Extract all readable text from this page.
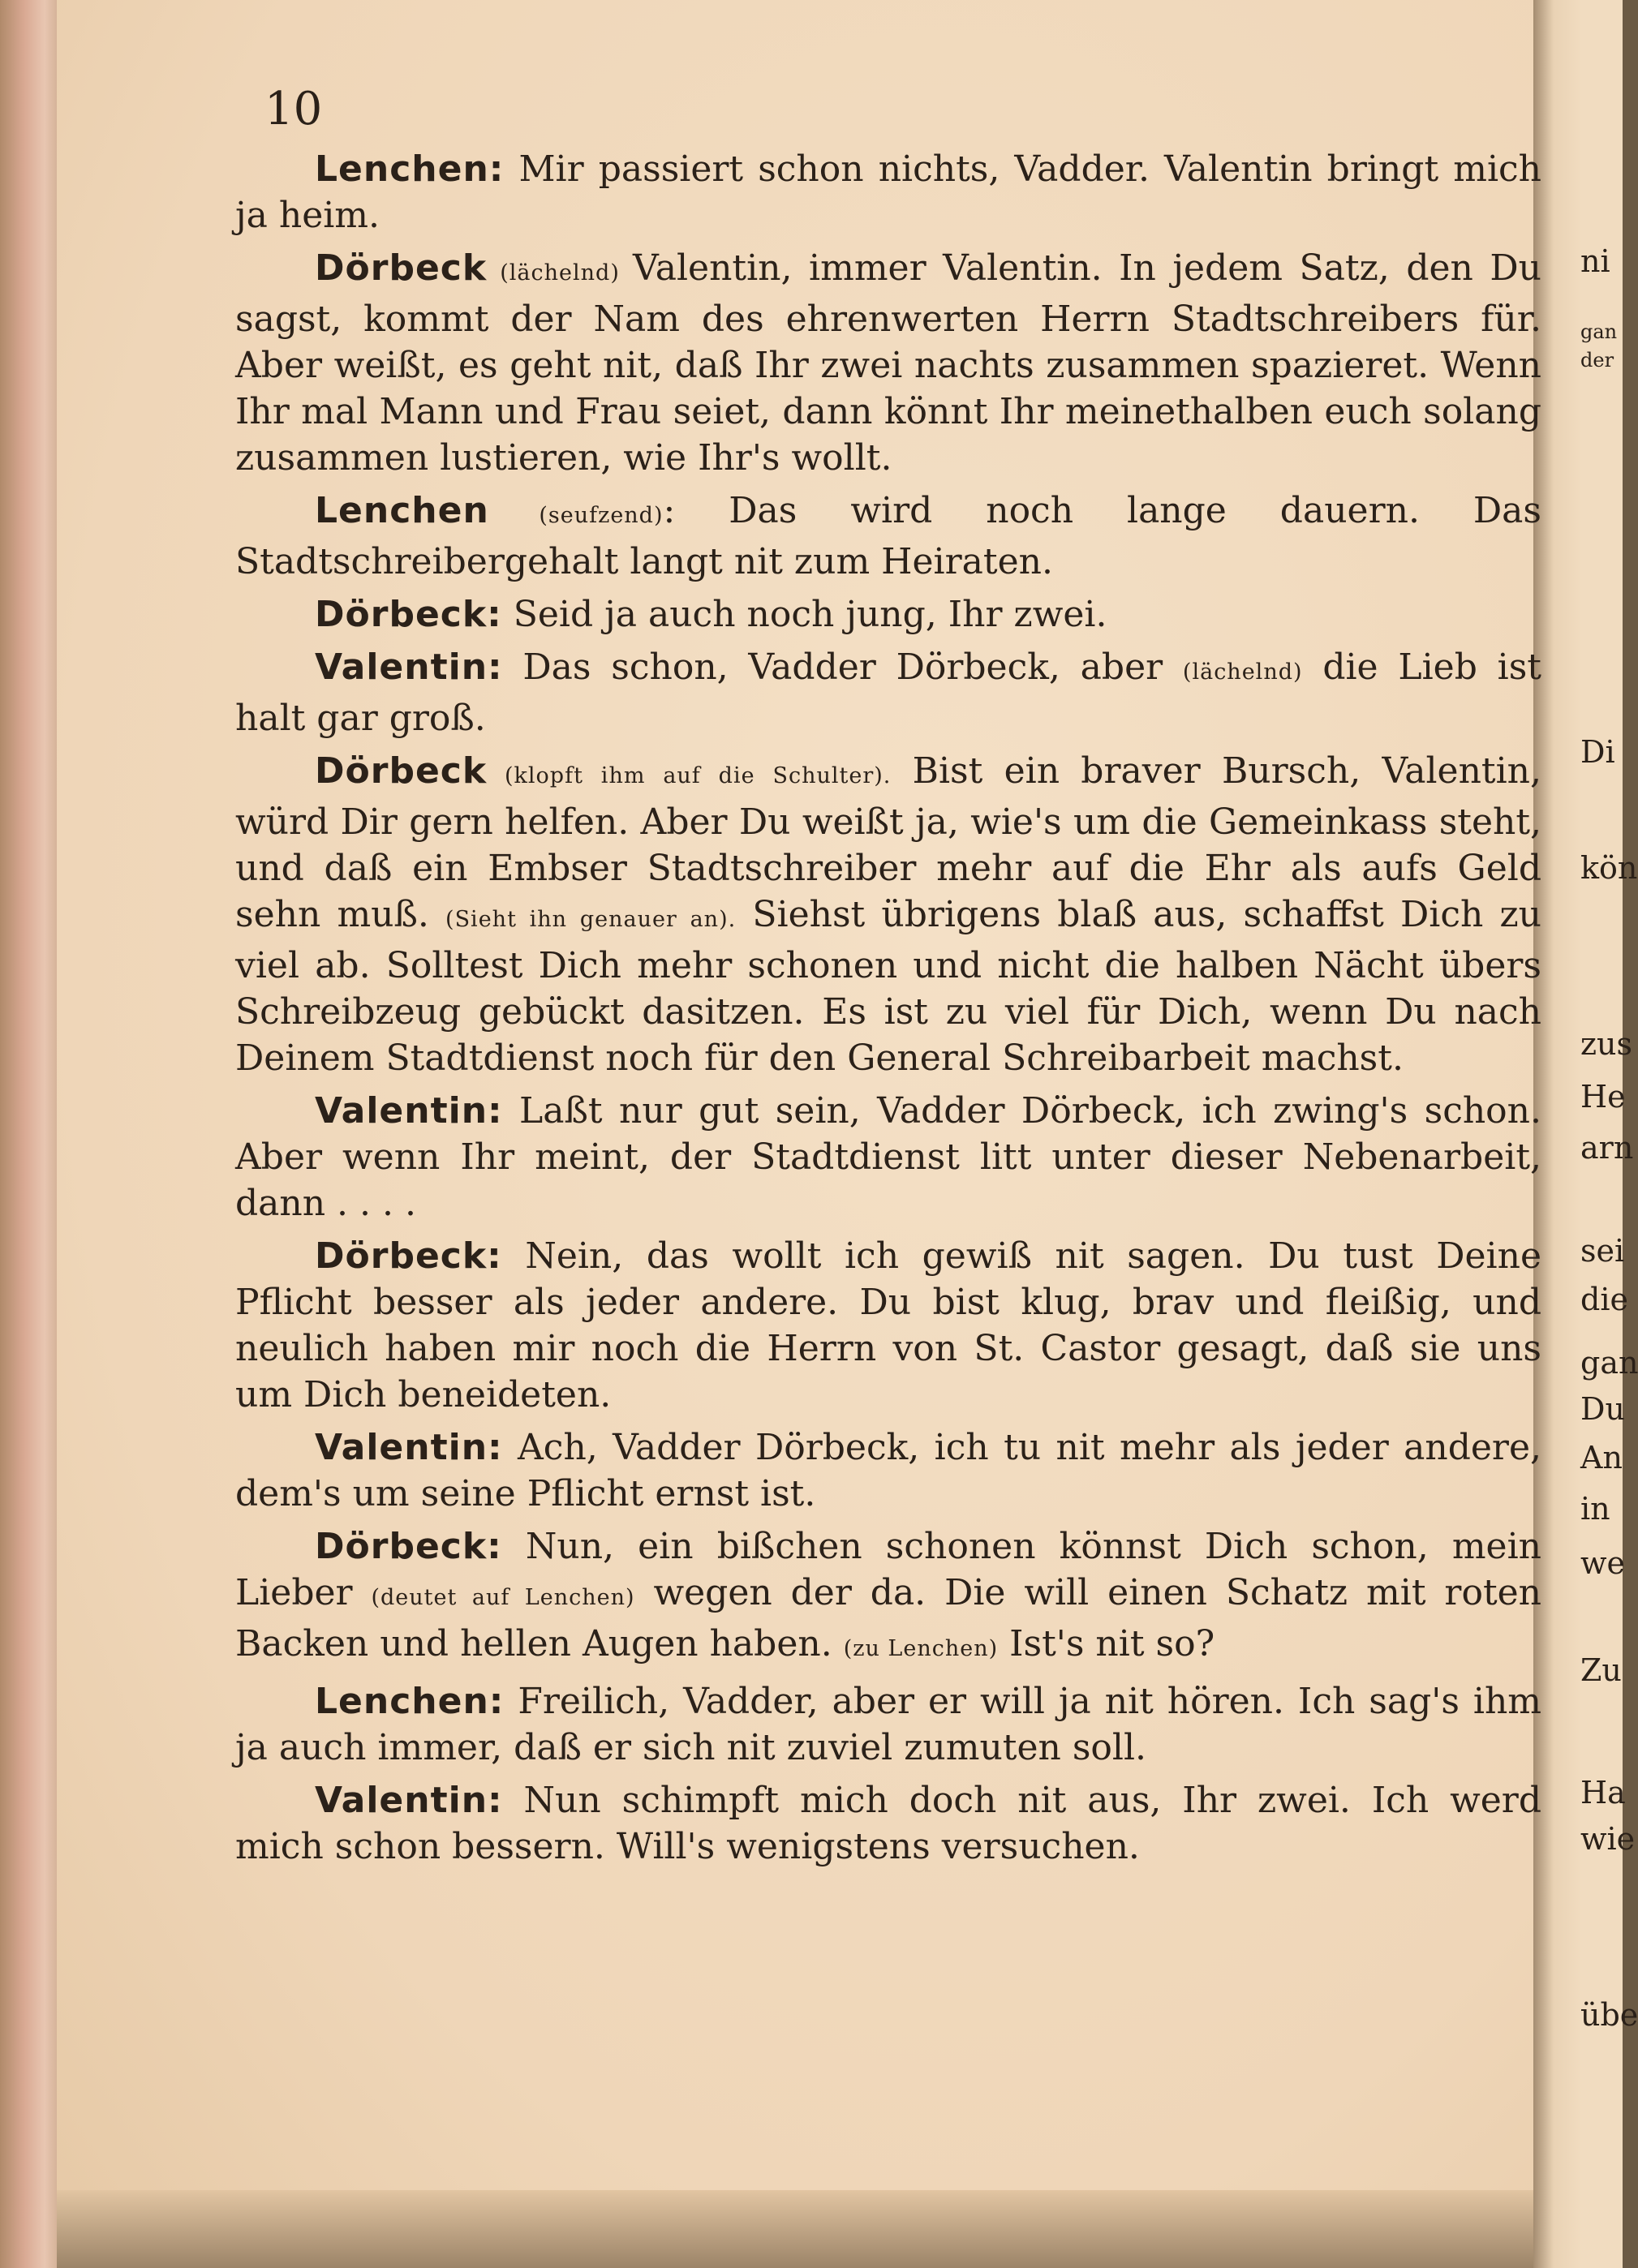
10

Lenchen: Mir passiert schon nichts, Vadder. Valentin bringt mich ja heim.

Dörbeck (lächelnd) Valentin, immer Valentin. In jedem Satz, den Du sagst, kommt der Nam des ehrenwerten Herrn Stadtschreibers für. Aber weißt, es geht nit, daß Ihr zwei nachts zusammen spazieret. Wenn Ihr mal Mann und Frau seiet, dann könnt Ihr meinethalben euch solang zusammen lustieren, wie Ihr's wollt.

Lenchen (seufzend): Das wird noch lange dauern. Das Stadtschreibergehalt langt nit zum Heiraten.

Dörbeck: Seid ja auch noch jung, Ihr zwei.

Valentin: Das schon, Vadder Dörbeck, aber (lächelnd) die Lieb ist halt gar groß.

Dörbeck (klopft ihm auf die Schulter). Bist ein braver Bursch, Valentin, würd Dir gern helfen. Aber Du weißt ja, wie's um die Gemeinkass steht, und daß ein Embser Stadtschreiber mehr auf die Ehr als aufs Geld sehn muß. (Sieht ihn genauer an). Siehst übrigens blaß aus, schaffst Dich zu viel ab. Solltest Dich mehr schonen und nicht die halben Nächt übers Schreibzeug gebückt dasitzen. Es ist zu viel für Dich, wenn Du nach Deinem Stadtdienst noch für den General Schreibarbeit machst.

Valentin: Laßt nur gut sein, Vadder Dörbeck, ich zwing's schon. Aber wenn Ihr meint, der Stadtdienst litt unter dieser Nebenarbeit, dann . . . .

Dörbeck: Nein, das wollt ich gewiß nit sagen. Du tust Deine Pflicht besser als jeder andere. Du bist klug, brav und fleißig, und neulich haben mir noch die Herrn von St. Castor gesagt, daß sie uns um Dich beneideten.

Valentin: Ach, Vadder Dörbeck, ich tu nit mehr als jeder andere, dem's um seine Pflicht ernst ist.

Dörbeck: Nun, ein bißchen schonen könnst Dich schon, mein Lieber (deutet auf Lenchen) wegen der da. Die will einen Schatz mit roten Backen und hellen Augen haben. (zu Lenchen) Ist's nit so?

Lenchen: Freilich, Vadder, aber er will ja nit hören. Ich sag's ihm ja auch immer, daß er sich nit zuviel zumuten soll.

Valentin: Nun schimpft mich doch nit aus, Ihr zwei. Ich werd mich schon bessern. Will's wenigstens versuchen.

ni
gan
der
Di
kön
zus
He
arn
sei
die
gan
Du
An
in
we
Zu
Ha
wie
übe
